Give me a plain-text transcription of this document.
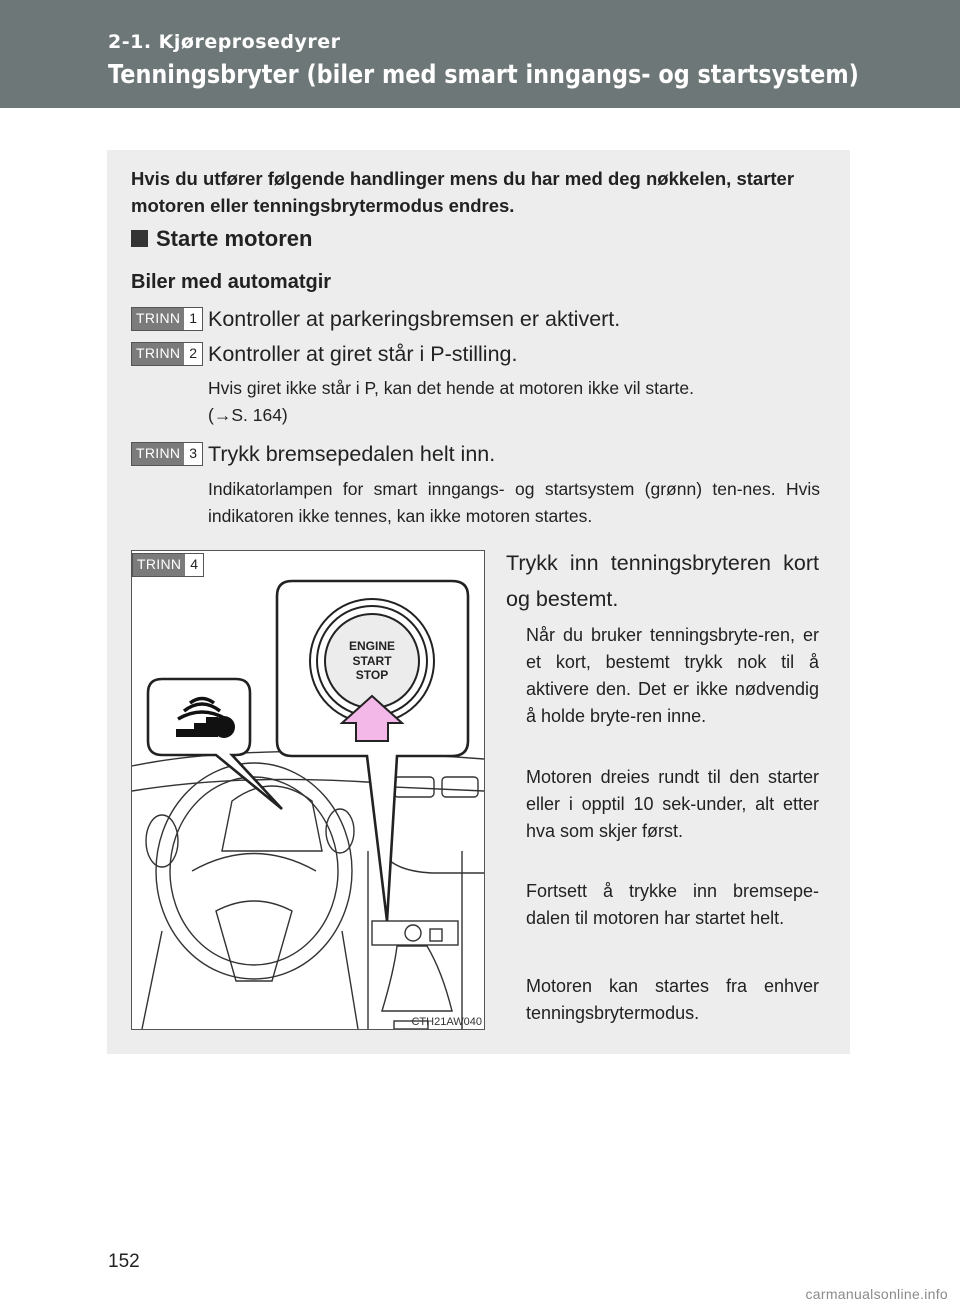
2-1. Kjøreprosedyrer

Tenningsbryter (biler med smart inngangs- og startsystem)

Hvis du utfører følgende handlinger mens du har med deg nøkkelen, starter motoren eller tenningsbrytermodus endres.

Starte motoren
Biler med automatgir
TRINN 1 Kontroller at parkeringsbremsen er aktivert.

TRINN 2 Kontroller at giret står i P-stilling.

Hvis giret ikke står i P, kan det hende at motoren ikke vil starte.
(→S. 164)

TRINN 3 Trykk bremsepedalen helt inn.

Indikatorlampen for smart inngangs- og startsystem (grønn) ten-nes. Hvis indikatoren ikke tennes, kan ikke motoren startes.

TRINN 4
ENGINE
START
STOP
CTH21AW040

Trykk inn tenningsbryteren kort og bestemt.

Når du bruker tenningsbryte-ren, er et kort, bestemt trykk nok til å aktivere den. Det er ikke nødvendig å holde bryte-ren inne.

Motoren dreies rundt til den starter eller i opptil 10 sek-under, alt etter hva som skjer først.

Fortsett å trykke inn bremsepe-dalen til motoren har startet helt.

Motoren kan startes fra enhver tenningsbrytermodus.

152

carmanualsonline.info
